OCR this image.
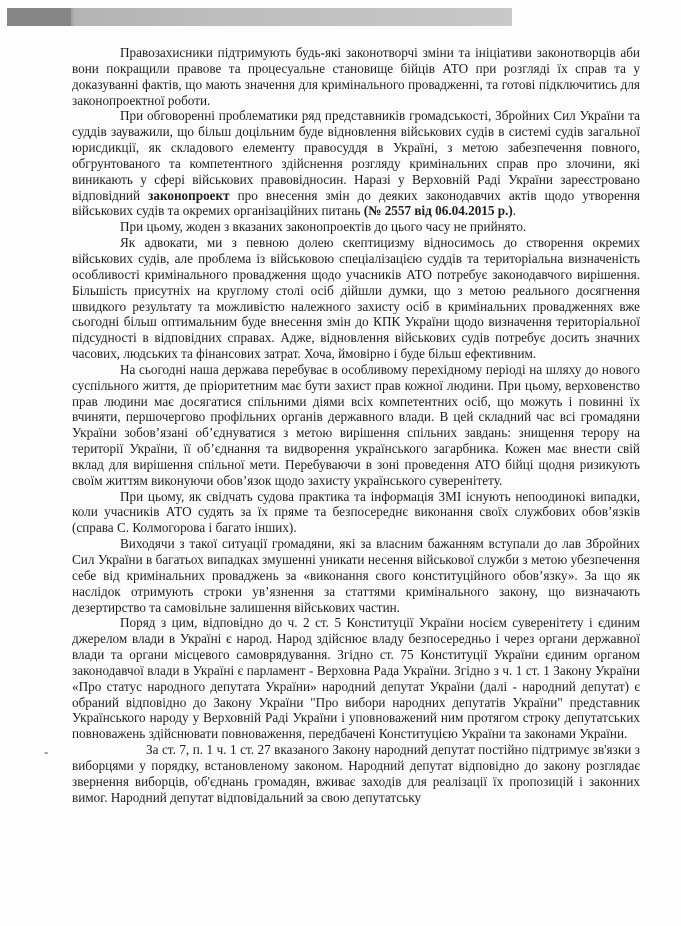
-

Правозахисники підтримують будь-які законотворчі зміни та ініціативи законотворців аби вони покращили правове та процесуальне становище бійців АТО при розгляді їх справ та у доказуванні фактів, що мають значення для кримінального провадженні, та готові підключитись для законопроектної роботи.

При обговоренні проблематики ряд представників громадськості, Збройних Сил України та суддів зауважили, що більш доцільним буде відновлення військових судів в системі судів загальної юрисдикції, як складового елементу правосуддя в Україні, з метою забезпечення повного, обгрунтованого та компетентного здійснення розгляду кримінальних справ про злочини, які виникають у сфері військових правовідносин. Наразі у Верховній Раді України зареєстровано відповідний законопроект про внесення змін до деяких законодавчих актів щодо утворення військових судів та окремих організаційних питань (№ 2557 від 06.04.2015 р.).

При цьому, жоден з вказаних законопроектів до цього часу не прийнято.

Як адвокати, ми з певною долею скептицизму відносимось до створення окремих військових судів, але проблема із військовою спеціалізацією суддів та територіальна визначеність особливості кримінального провадження щодо учасників АТО потребує законодавчого вирішення. Більшість присутніх на круглому столі осіб дійшли думки, що з метою реального досягнення швидкого результату та можливістю належного захисту осіб в кримінальних провадженнях вже сьогодні більш оптимальним буде внесення змін до КПК України щодо визначення територіальної підсудності в відповідних справах. Адже, відновлення військових судів потребує досить значних часових, людських та фінансових затрат. Хоча, ймовірно і буде більш ефективним.

На сьогодні наша держава перебуває в особливому перехідному періоді на шляху до нового суспільного життя, де пріоритетним має бути захист прав кожної людини. При цьому, верховенство прав людини має досягатися спільними діями всіх компетентних осіб, що можуть і повинні їх вчиняти, першочергово профільних органів державного влади. В цей складний час всі громадяни України зобов’язані об’єднуватися з метою вирішення спільних завдань: знищення терору на території України, її об’єднання та видворення українського загарбника. Кожен має внести свій вклад для вирішення спільної мети. Перебуваючи в зоні проведення АТО бійці щодня ризикують своїм життям виконуючи обов’язок щодо захисту українського суверенітету.

При цьому, як свідчать судова практика та інформація ЗМІ існують непоодинокі випадки, коли учасників АТО судять за їх пряме та безпосереднє виконання своїх службових обов’язків (справа С. Колмогорова і багато інших).

Виходячи з такої ситуації громадяни, які за власним бажанням вступали до лав Збройних Сил України в багатьох випадках змушенні уникати несення військової служби з метою убезпечення себе від кримінальних проваджень за «виконання свого конституційного обов’язку». За що як наслідок отримують строки ув’язнення за статтями кримінального закону, що визначають дезертирство та самовільне залишення військових частин.

Поряд з цим, відповідно до ч. 2 ст. 5 Конституції України носієм суверенітету і єдиним джерелом влади в Україні є народ. Народ здійснює владу безпосередньо і через органи державної влади та органи місцевого самоврядування. Згідно ст. 75 Конституції України єдиним органом законодавчої влади в Україні є парламент - Верховна Рада України. Згідно з ч. 1 ст. 1 Закону України «Про статус народного депутата України» народний депутат України (далі - народний депутат) є обраний відповідно до Закону України "Про вибори народних депутатів України" представник Українського народу у Верховній Раді України і уповноважений ним протягом строку депутатських повноважень здійснювати повноваження, передбачені Конституцією України та законами України.

За ст. 7, п. 1 ч. 1 ст. 27 вказаного Закону народний депутат постійно підтримує зв'язки з виборцями у порядку, встановленому законом. Народний депутат відповідно до закону розглядає звернення виборців, об'єднань громадян, вживає заходів для реалізації їх пропозицій і законних вимог. Народний депутат відповідальний за свою депутатську
